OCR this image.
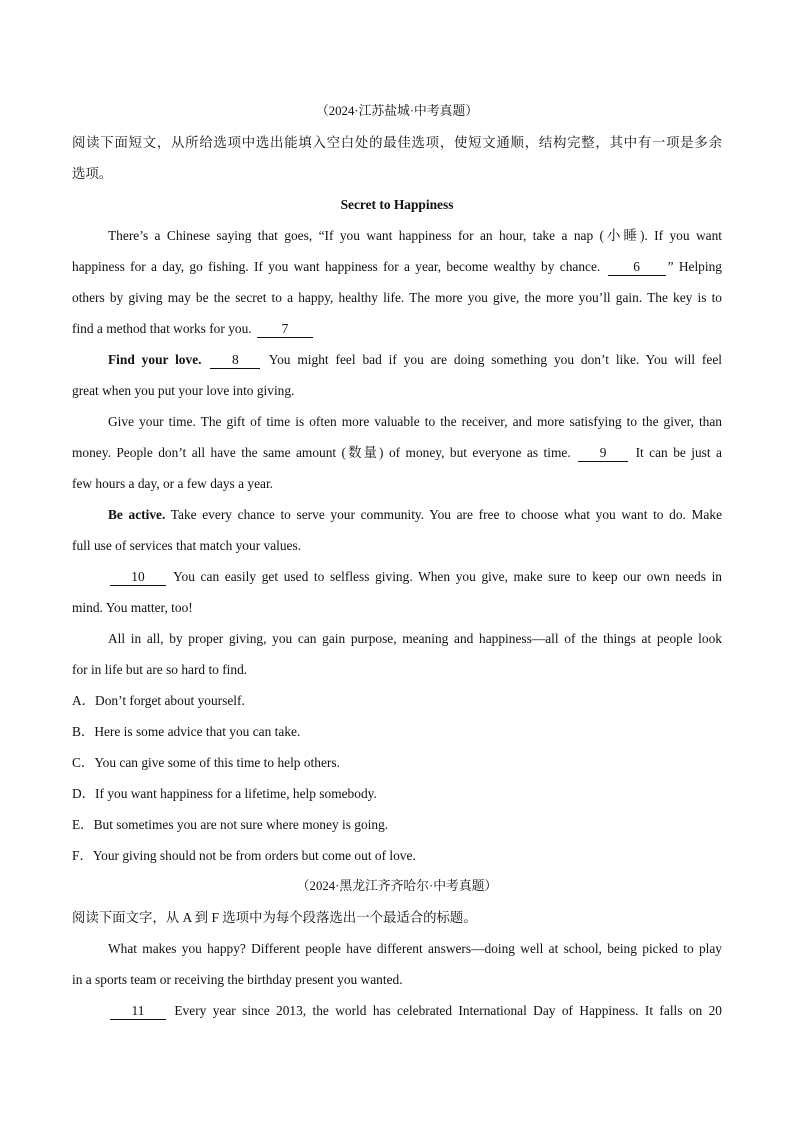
（2024·江苏盐城·中考真题）
阅读下面短文，从所给选项中选出能填入空白处的最佳选项，使短文通顺，结构完整，其中有一项是多余
选项。
Secret to Happiness
There’s a Chinese saying that goes, “If you want happiness for an hour, take a nap (小睡). If you want
happiness for a day, go fishing. If you want happiness for a year, become wealthy by chance. 6 ” Helping
others by giving may be the secret to a happy, healthy life. The more you give, the more you’ll gain. The key is to
find a method that works for you. 7
Find your love. 8 You might feel bad if you are doing something you don’t like. You will feel
great when you put your love into giving.
Give your time. The gift of time is often more valuable to the receiver, and more satisfying to the giver, than
money. People don’t all have the same amount (数量) of money, but everyone as time. 9 It can be just a
few hours a day, or a few days a year.
Be active. Take every chance to serve your community. You are free to choose what you want to do. Make
full use of services that match your values.
10 You can easily get used to selfless giving. When you give, make sure to keep our own needs in
mind. You matter, too!
All in all, by proper giving, you can gain purpose, meaning and happiness—all of the things at people look
for in life but are so hard to find.
A．Don’t forget about yourself.
B．Here is some advice that you can take.
C．You can give some of this time to help others.
D．If you want happiness for a lifetime, help somebody.
E．But sometimes you are not sure where money is going.
F．Your giving should not be from orders but come out of love.
（2024·黑龙江齐齐哈尔·中考真题）
阅读下面文字，从 A 到 F 选项中为每个段落选出一个最适合的标题。
What makes you happy? Different people have different answers—doing well at school, being picked to play
in a sports team or receiving the birthday present you wanted.
11 Every year since 2013, the world has celebrated International Day of Happiness. It falls on 20
